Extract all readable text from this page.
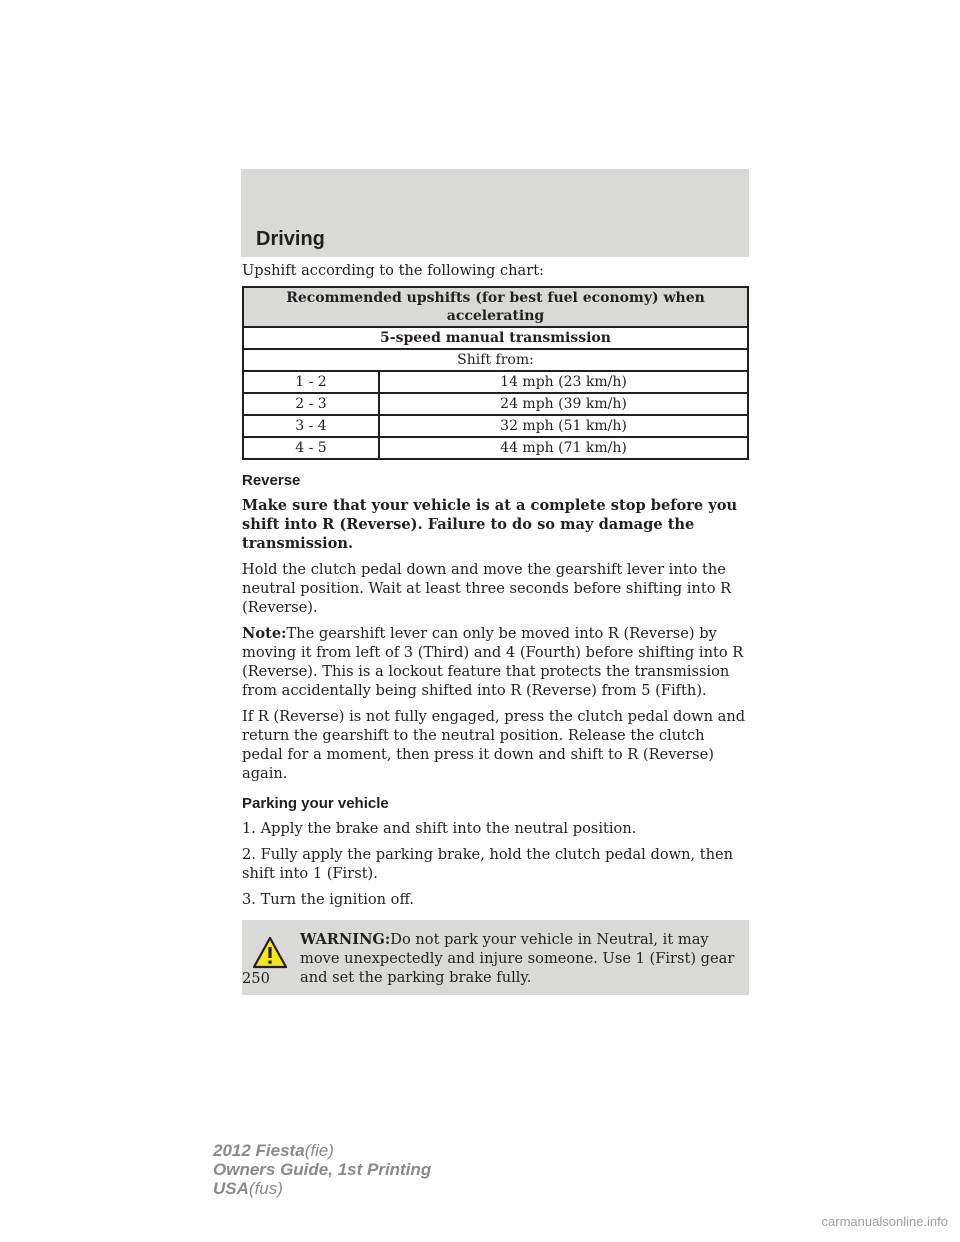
Driving

Upshift according to the following chart:

Recommended upshifts (for best fuel economy) when accelerating	
5-speed manual transmission	
Shift from:	
1 - 2	14 mph (23 km/h)
2 - 3	24 mph (39 km/h)
3 - 4	32 mph (51 km/h)
4 - 5	44 mph (71 km/h)
Reverse

Make sure that your vehicle is at a complete stop before you shift into R (Reverse). Failure to do so may damage the transmission.

Hold the clutch pedal down and move the gearshift lever into the neutral position. Wait at least three seconds before shifting into R (Reverse).

Note:The gearshift lever can only be moved into R (Reverse) by moving it from left of 3 (Third) and 4 (Fourth) before shifting into R (Reverse). This is a lockout feature that protects the transmission from accidentally being shifted into R (Reverse) from 5 (Fifth).

If R (Reverse) is not fully engaged, press the clutch pedal down and return the gearshift to the neutral position. Release the clutch pedal for a moment, then press it down and shift to R (Reverse) again.

Parking your vehicle

1. Apply the brake and shift into the neutral position.

2. Fully apply the parking brake, hold the clutch pedal down, then shift into 1 (First).

3. Turn the ignition off.

WARNING:Do not park your vehicle in Neutral, it may move unexpectedly and injure someone. Use 1 (First) gear and set the parking brake fully.
250
2012 Fiesta(fie)
Owners Guide, 1st Printing
USA(fus)
carmanualsonline.info
